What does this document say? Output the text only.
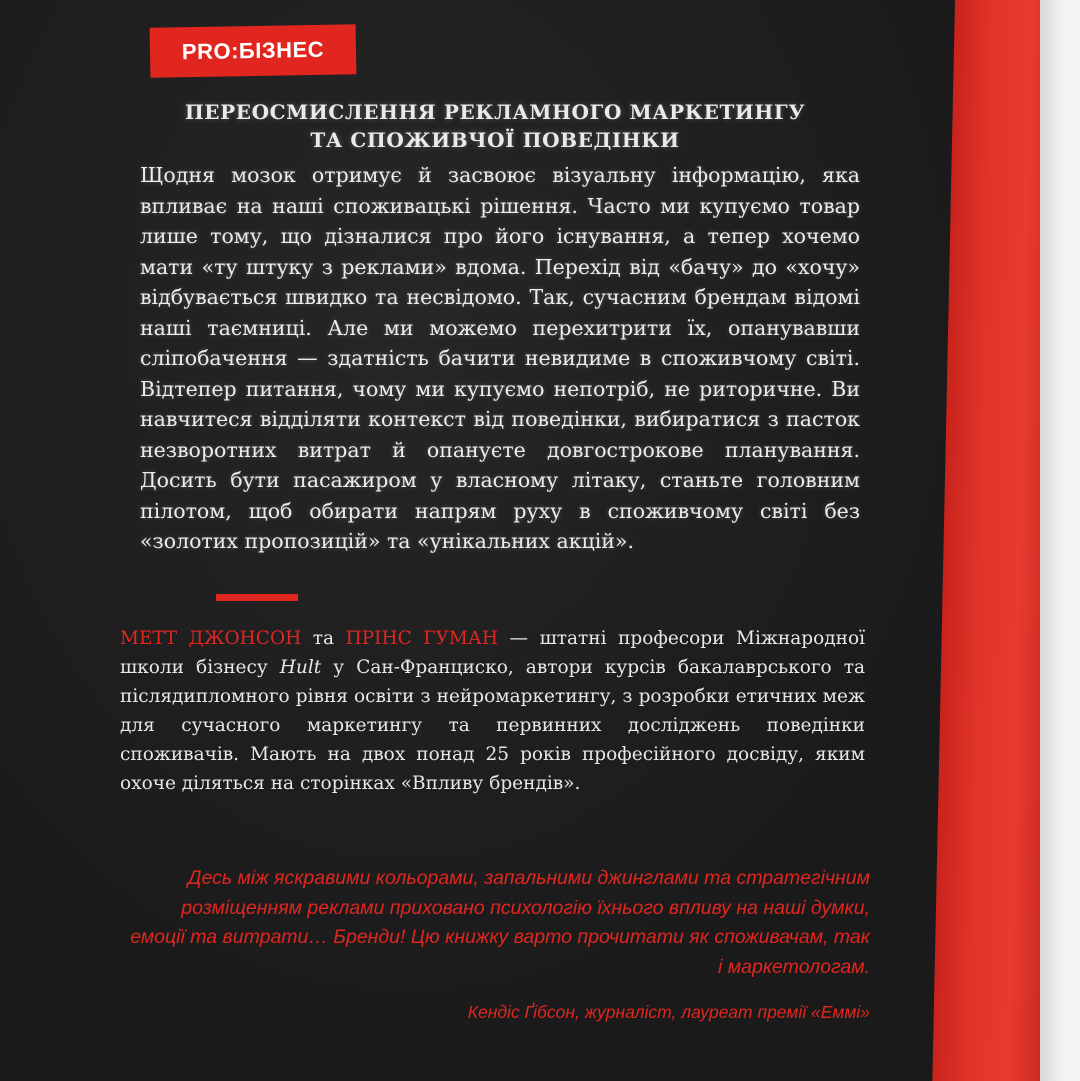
PRO:БІЗНЕС
ПЕРЕОСМИСЛЕННЯ РЕКЛАМНОГО МАРКЕТИНГУ
ТА СПОЖИВЧОЇ ПОВЕДІНКИ

Щодня мозок отримує й засвоює візуальну інформацію, яка впливає на наші споживацькі рішення. Часто ми купуємо товар лише тому, що дізналися про його існування, а тепер хочемо мати «ту штуку з реклами» вдома. Перехід від «бачу» до «хочу» відбувається швидко та несвідомо. Так, сучасним брендам відомі наші таємниці. Але ми можемо перехитрити їх, опанувавши сліпобачення — здатність бачити невидиме в споживчому світі. Відтепер питання, чому ми купуємо непотріб, не риторичне. Ви навчитеся відділяти контекст від поведінки, вибиратися з пасток незворотних витрат й опануєте довгострокове планування. Досить бути пасажиром у власному літаку, станьте головним пілотом, щоб обирати напрям руху в споживчому світі без «золотих пропозицій» та «унікальних акцій».

МЕТТ ДЖОНСОН та ПРІНС ГУМАН — штатні професори Міжнародної школи бізнесу Hult у Сан-Франциско, автори курсів бакалаврського та післядипломного рівня освіти з нейромаркетингу, з розробки етичних меж для сучасного маркетингу та первинних досліджень поведінки споживачів. Мають на двох понад 25 років професійного досвіду, яким охоче діляться на сторінках «Впливу брендів».
Десь між яскравими кольорами, запальними джинглами та стратегічним розміщенням реклами приховано психологію їхнього впливу на наші думки, емоції та витрати… Бренди! Цю книжку варто прочитати як споживачам, так і маркетологам.
Кендіс Ґібсон, журналіст, лауреат премії «Еммі»
